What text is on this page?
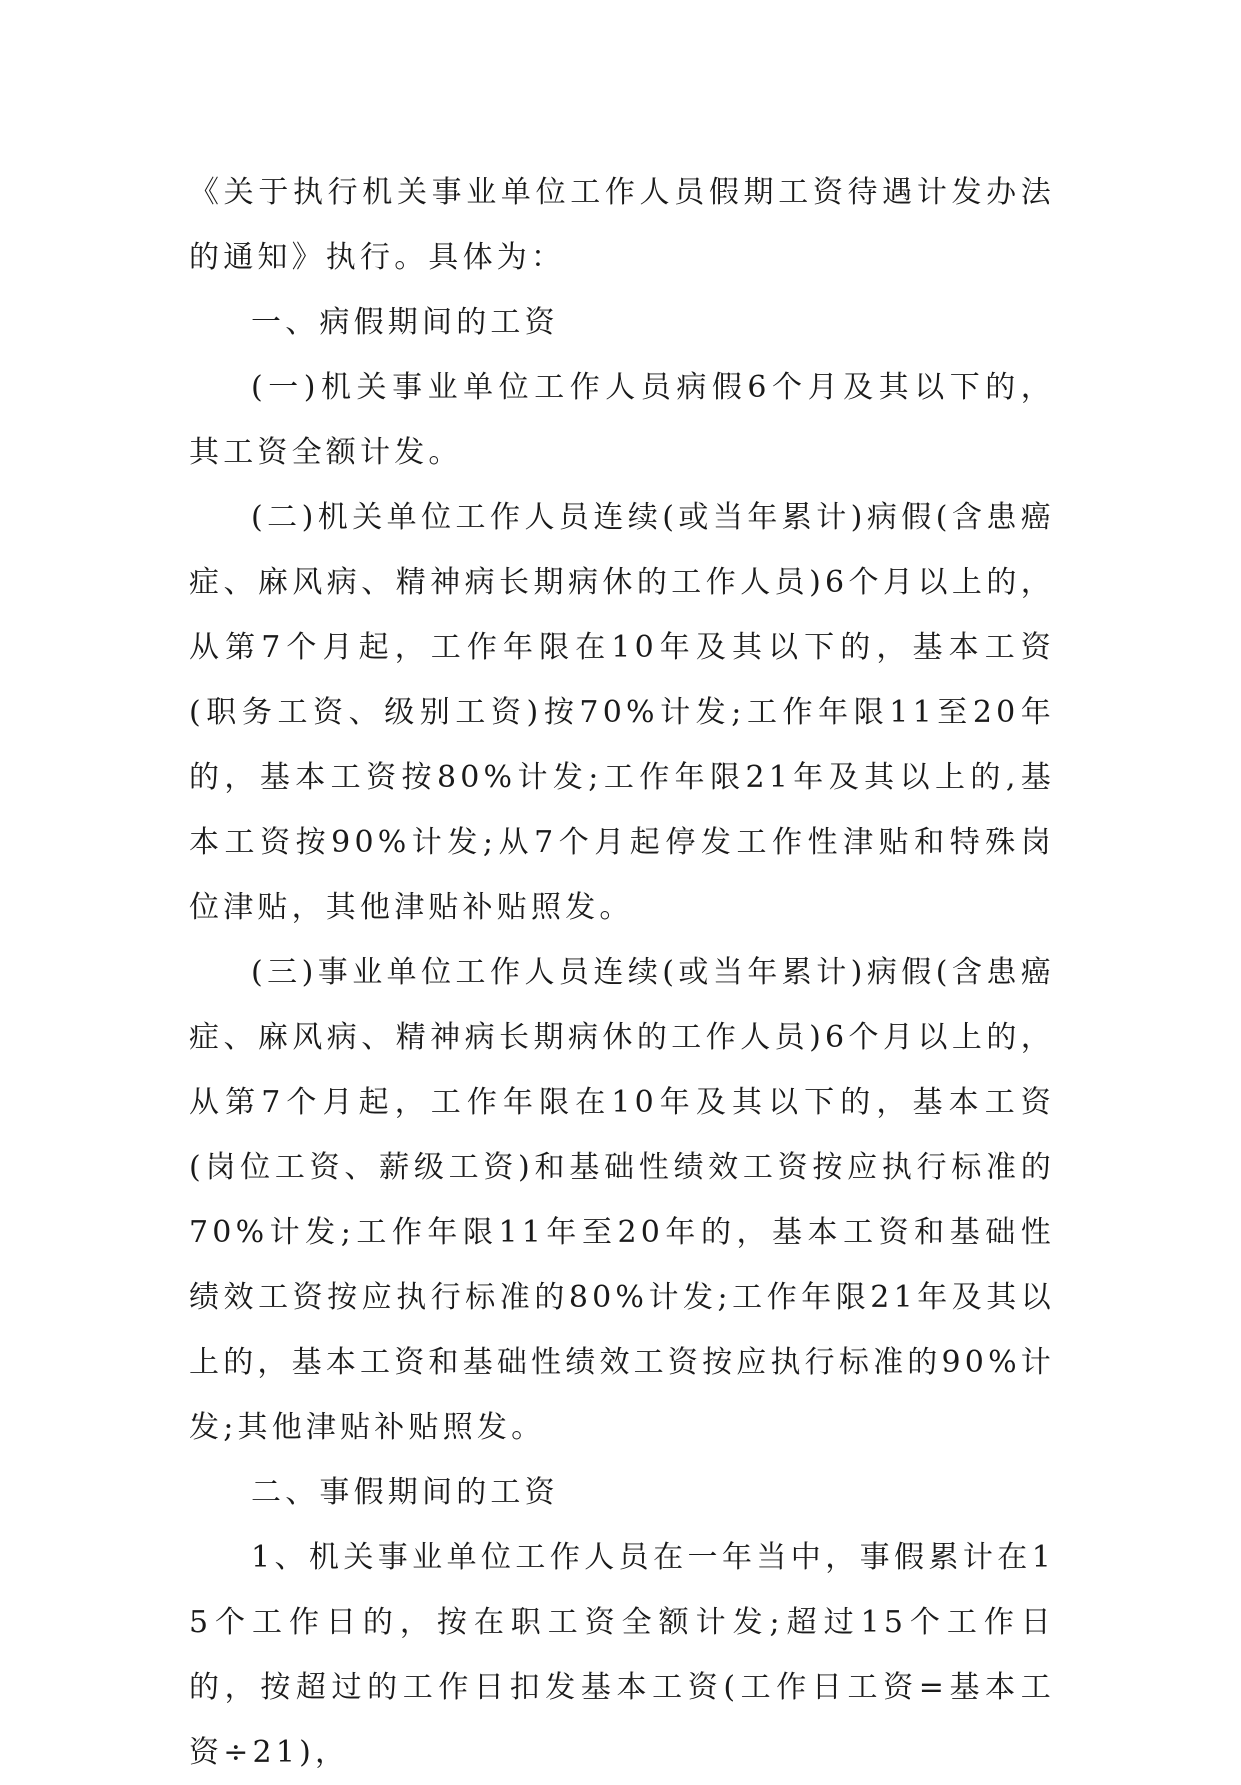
《关于执行机关事业单位工作人员假期工资待遇计发办法的通知》执行。具体为：

一、病假期间的工资

(一)机关事业单位工作人员病假6个月及其以下的，其工资全额计发。

(二)机关单位工作人员连续(或当年累计)病假(含患癌症、麻风病、精神病长期病休的工作人员)6个月以上的，从第7个月起，工作年限在10年及其以下的，基本工资(职务工资、级别工资)按70%计发;工作年限11至20年的，基本工资按80%计发;工作年限21年及其以上的,基本工资按90%计发;从7个月起停发工作性津贴和特殊岗位津贴，其他津贴补贴照发。

(三)事业单位工作人员连续(或当年累计)病假(含患癌症、麻风病、精神病长期病休的工作人员)6个月以上的，从第7个月起，工作年限在10年及其以下的，基本工资(岗位工资、薪级工资)和基础性绩效工资按应执行标准的70%计发;工作年限11年至20年的，基本工资和基础性绩效工资按应执行标准的80%计发;工作年限21年及其以上的，基本工资和基础性绩效工资按应执行标准的90%计发;其他津贴补贴照发。

二、事假期间的工资

1、机关事业单位工作人员在一年当中，事假累计在15个工作日的，按在职工资全额计发;超过15个工作日的，按超过的工作日扣发基本工资(工作日工资=基本工资÷21)，
